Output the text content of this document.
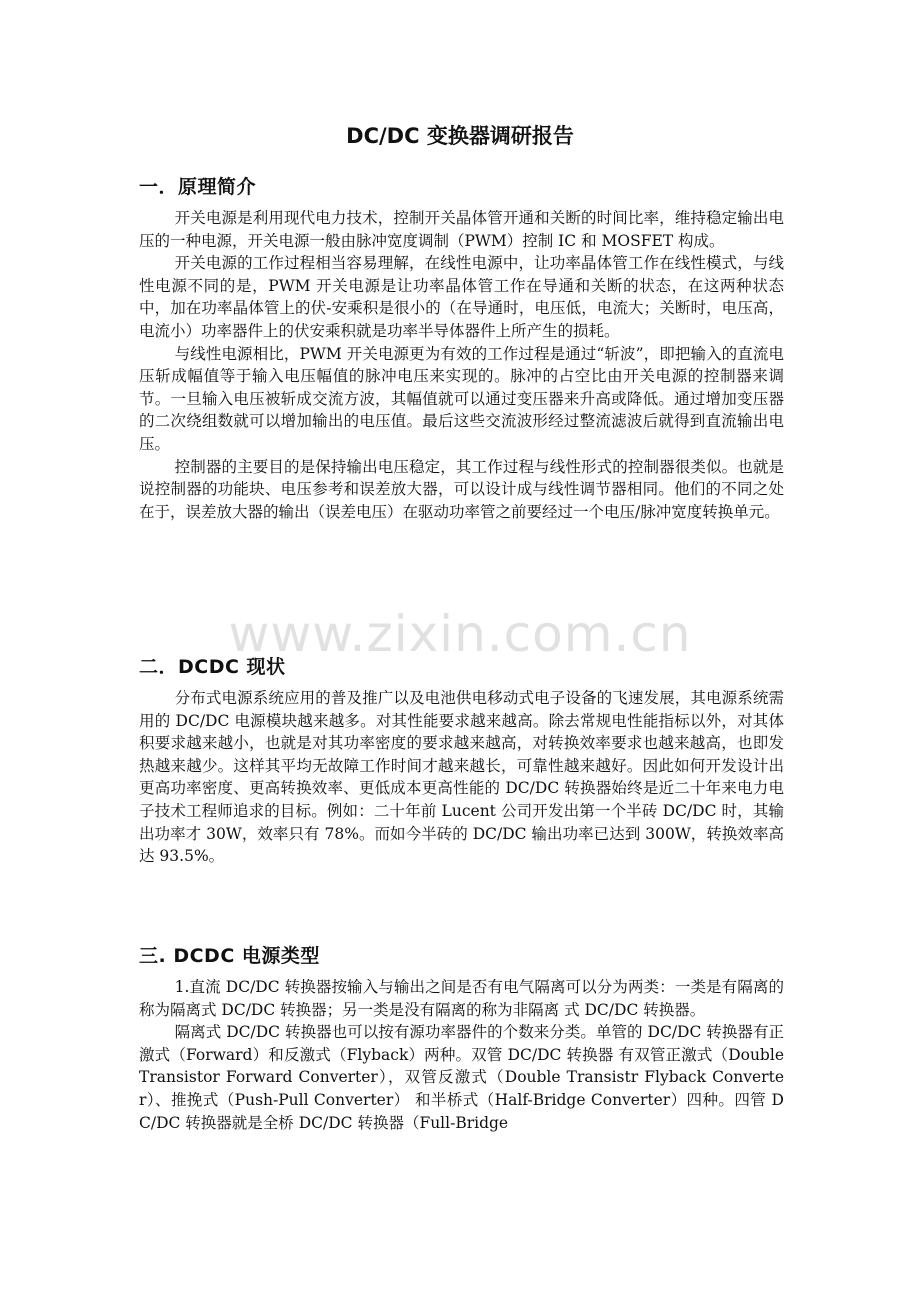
DC/DC 变换器调研报告
一．原理简介

开关电源是利用现代电力技术，控制开关晶体管开通和关断的时间比率，维持稳定输出电压的一种电源，开关电源一般由脉冲宽度调制（PWM）控制 IC 和 MOSFET 构成。

开关电源的工作过程相当容易理解，在线性电源中，让功率晶体管工作在线性模式，与线性电源不同的是，PWM 开关电源是让功率晶体管工作在导通和关断的状态，在这两种状态中，加在功率晶体管上的伏-安乘积是很小的（在导通时，电压低，电流大；关断时，电压高，电流小）功率器件上的伏安乘积就是功率半导体器件上所产生的损耗。

与线性电源相比，PWM 开关电源更为有效的工作过程是通过“斩波”，即把输入的直流电压斩成幅值等于输入电压幅值的脉冲电压来实现的。脉冲的占空比由开关电源的控制器来调节。一旦输入电压被斩成交流方波，其幅值就可以通过变压器来升高或降低。通过增加变压器的二次绕组数就可以增加输出的电压值。最后这些交流波形经过整流滤波后就得到直流输出电压。

控制器的主要目的是保持输出电压稳定，其工作过程与线性形式的控制器很类似。也就是说控制器的功能块、电压参考和误差放大器，可以设计成与线性调节器相同。他们的不同之处在于，误差放大器的输出（误差电压）在驱动功率管之前要经过一个电压/脉冲宽度转换单元。

www.zixin.com.cn
二．DCDC 现状

分布式电源系统应用的普及推广以及电池供电移动式电子设备的飞速发展，其电源系统需用的 DC/DC 电源模块越来越多。对其性能要求越来越高。除去常规电性能指标以外，对其体积要求越来越小，也就是对其功率密度的要求越来越高，对转换效率要求也越来越高，也即发热越来越少。这样其平均无故障工作时间才越来越长，可靠性越来越好。因此如何开发设计出更高功率密度、更高转换效率、更低成本更高性能的 DC/DC 转换器始终是近二十年来电力电子技术工程师追求的目标。例如：二十年前 Lucent 公司开发出第一个半砖 DC/DC 时，其输出功率才 30W，效率只有 78%。而如今半砖的 DC/DC 输出功率已达到 300W，转换效率高达 93.5%。

三. DCDC 电源类型

1.直流 DC/DC 转换器按输入与输出之间是否有电气隔离可以分为两类：一类是有隔离的称为隔离式 DC/DC 转换器；另一类是没有隔离的称为非隔离 式 DC/DC 转换器。

隔离式 DC/DC 转换器也可以按有源功率器件的个数来分类。单管的 DC/DC 转换器有正激式（Forward）和反激式（Flyback）两种。双管 DC/DC 转换器 有双管正激式（DoubleTransistor Forward Converter），双管反激式（Double Transistr Flyback Converter）、推挽式（Push-Pull Converter） 和半桥式（Half-Bridge Converter）四种。四管 DC/DC 转换器就是全桥 DC/DC 转换器（Full-Bridge
